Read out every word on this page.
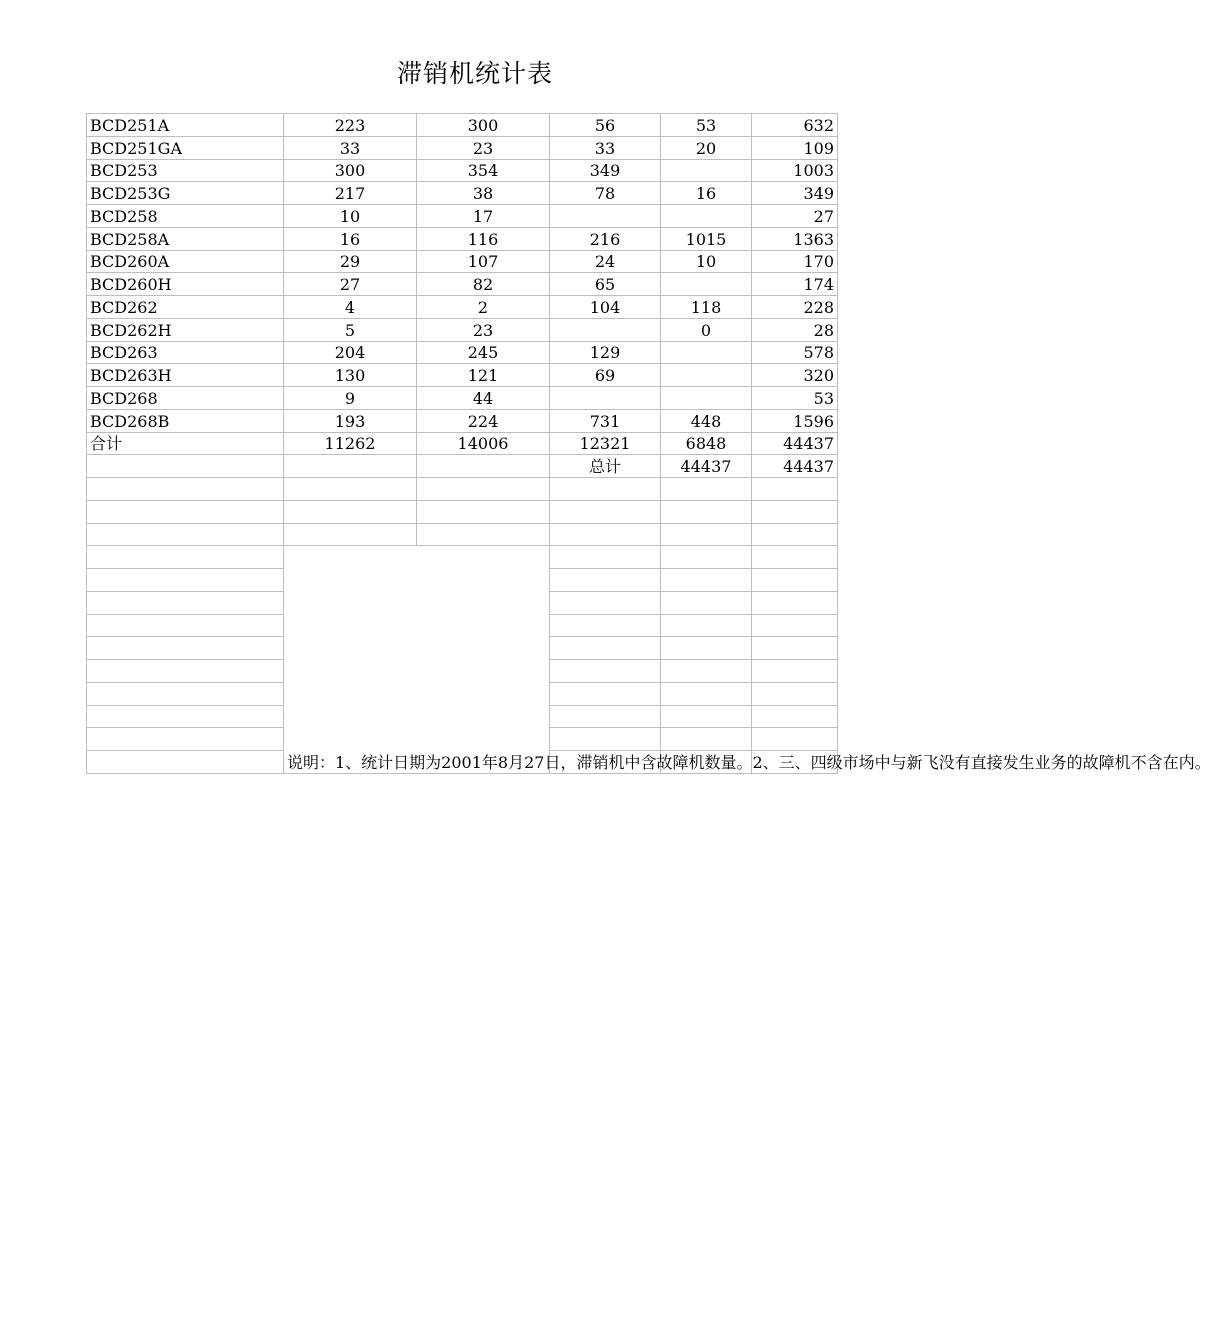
滞销机统计表
BCD251A	223	300	56	53	632
BCD251GA	33	23	33	20	109
BCD253	300	354	349		1003
BCD253G	217	38	78	16	349
BCD258	10	17			27
BCD258A	16	116	216	1015	1363
BCD260A	29	107	24	10	170
BCD260H	27	82	65		174
BCD262	4	2	104	118	228
BCD262H	5	23		0	28
BCD263	204	245	129		578
BCD263H	130	121	69		320
BCD268	9	44			53
BCD268B	193	224	731	448	1596
合计	11262	14006	12321	6848	44437
			总计	44437	44437

	说明：1、统计日期为2001年8月27日，滞销机中含故障机数量。2、三、四级市场中与新飞没有直接发生业务的故障机不含在内。				
